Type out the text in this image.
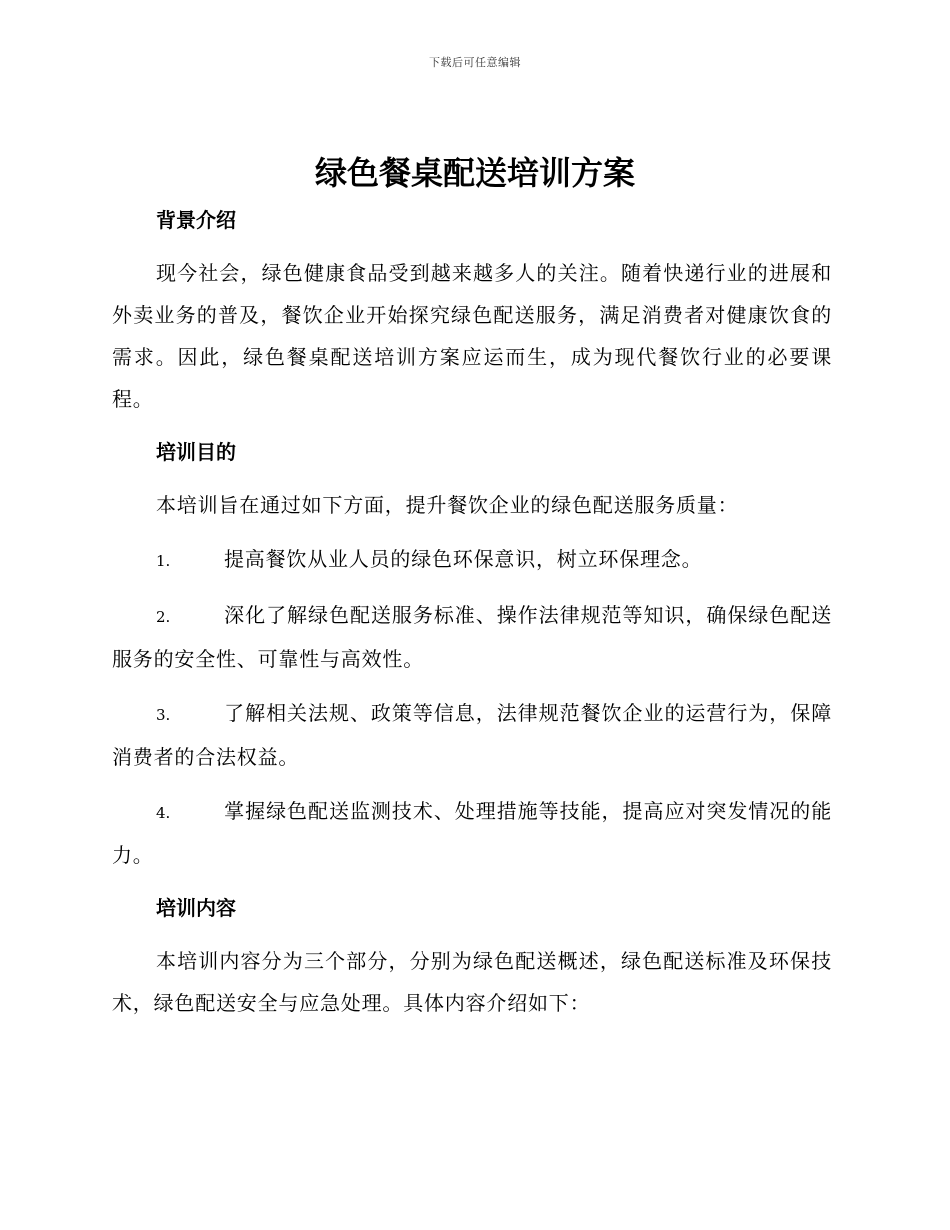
下载后可任意编辑
绿色餐桌配送培训方案
背景介绍

现今社会，绿色健康食品受到越来越多人的关注。随着快递行业的进展和外卖业务的普及，餐饮企业开始探究绿色配送服务，满足消费者对健康饮食的需求。因此，绿色餐桌配送培训方案应运而生，成为现代餐饮行业的必要课程。

培训目的

本培训旨在通过如下方面，提升餐饮企业的绿色配送服务质量：

1.	提高餐饮从业人员的绿色环保意识，树立环保理念。

2.	深化了解绿色配送服务标准、操作法律规范等知识，确保绿色配送服务的安全性、可靠性与高效性。

3.	了解相关法规、政策等信息，法律规范餐饮企业的运营行为，保障消费者的合法权益。

4.	掌握绿色配送监测技术、处理措施等技能，提高应对突发情况的能力。

培训内容

本培训内容分为三个部分，分别为绿色配送概述，绿色配送标准及环保技术，绿色配送安全与应急处理。具体内容介绍如下：
